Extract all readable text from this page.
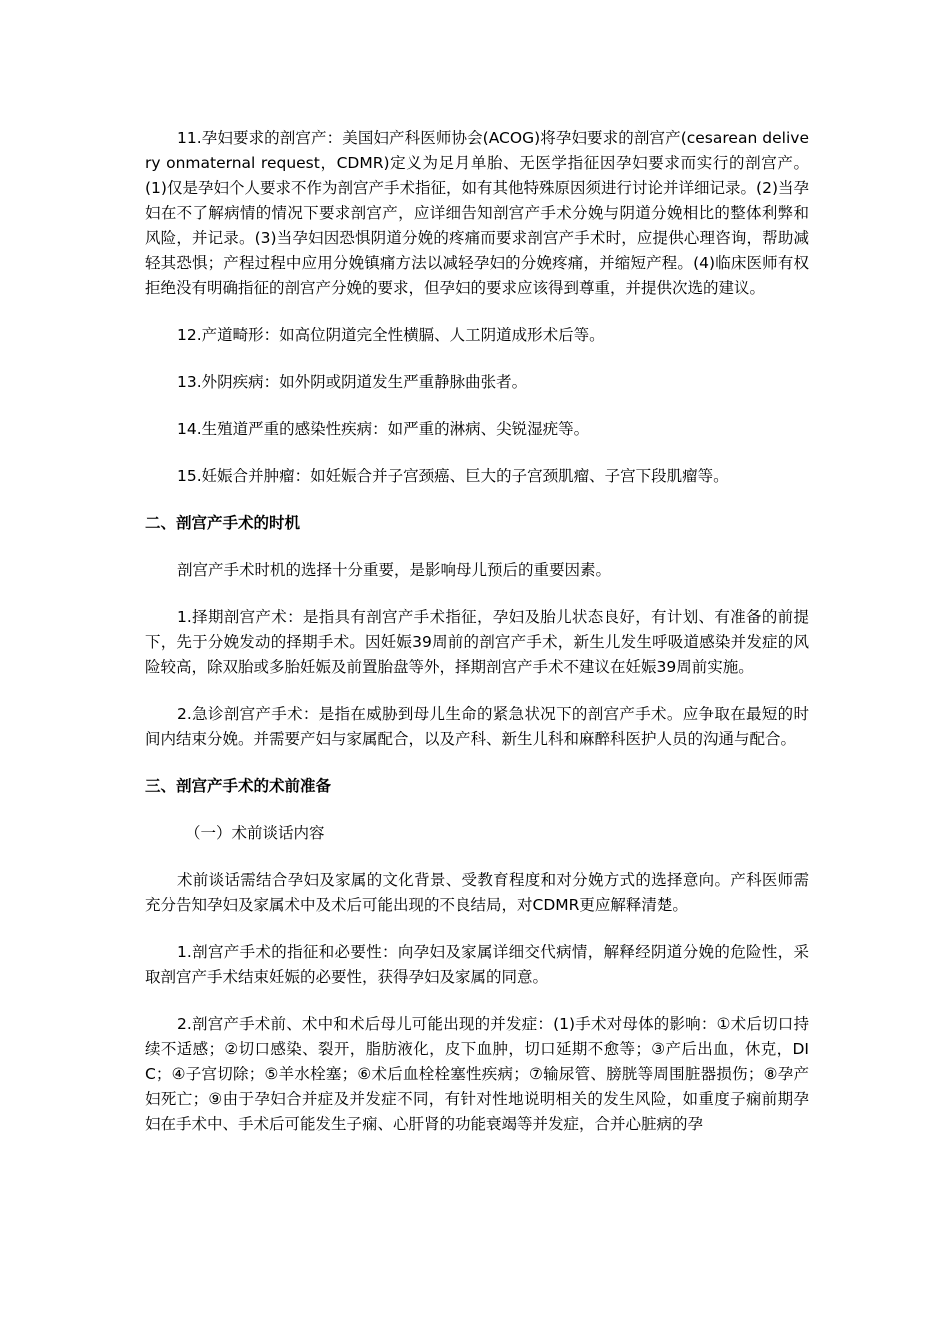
11.孕妇要求的剖宫产：美国妇产科医师协会(ACOG)将孕妇要求的剖宫产(cesarean delivery onmaternal request，CDMR)定义为足月单胎、无医学指征因孕妇要求而实行的剖宫产。(1)仅是孕妇个人要求不作为剖宫产手术指征，如有其他特殊原因须进行讨论并详细记录。(2)当孕妇在不了解病情的情况下要求剖宫产，应详细告知剖宫产手术分娩与阴道分娩相比的整体利弊和风险，并记录。(3)当孕妇因恐惧阴道分娩的疼痛而要求剖宫产手术时，应提供心理咨询，帮助减轻其恐惧；产程过程中应用分娩镇痛方法以减轻孕妇的分娩疼痛，并缩短产程。(4)临床医师有权拒绝没有明确指征的剖宫产分娩的要求，但孕妇的要求应该得到尊重，并提供次选的建议。

12.产道畸形：如高位阴道完全性横膈、人工阴道成形术后等。

13.外阴疾病：如外阴或阴道发生严重静脉曲张者。

14.生殖道严重的感染性疾病：如严重的淋病、尖锐湿疣等。

15.妊娠合并肿瘤：如妊娠合并子宫颈癌、巨大的子宫颈肌瘤、子宫下段肌瘤等。

二、剖宫产手术的时机

剖宫产手术时机的选择十分重要，是影响母儿预后的重要因素。

1.择期剖宫产术：是指具有剖宫产手术指征，孕妇及胎儿状态良好，有计划、有准备的前提下，先于分娩发动的择期手术。因妊娠39周前的剖宫产手术，新生儿发生呼吸道感染并发症的风险较高，除双胎或多胎妊娠及前置胎盘等外，择期剖宫产手术不建议在妊娠39周前实施。

2.急诊剖宫产手术：是指在威胁到母儿生命的紧急状况下的剖宫产手术。应争取在最短的时间内结束分娩。并需要产妇与家属配合，以及产科、新生儿科和麻醉科医护人员的沟通与配合。

三、剖宫产手术的术前准备
（一）术前谈话内容

术前谈话需结合孕妇及家属的文化背景、受教育程度和对分娩方式的选择意向。产科医师需充分告知孕妇及家属术中及术后可能出现的不良结局，对CDMR更应解释清楚。

1.剖宫产手术的指征和必要性：向孕妇及家属详细交代病情，解释经阴道分娩的危险性，采取剖宫产手术结束妊娠的必要性，获得孕妇及家属的同意。

2.剖宫产手术前、术中和术后母儿可能出现的并发症：(1)手术对母体的影响：①术后切口持续不适感；②切口感染、裂开，脂肪液化，皮下血肿，切口延期不愈等；③产后出血，休克，DIC；④子宫切除；⑤羊水栓塞；⑥术后血栓栓塞性疾病；⑦输尿管、膀胱等周围脏器损伤；⑧孕产妇死亡；⑨由于孕妇合并症及并发症不同，有针对性地说明相关的发生风险，如重度子痫前期孕妇在手术中、手术后可能发生子痫、心肝肾的功能衰竭等并发症，合并心脏病的孕
